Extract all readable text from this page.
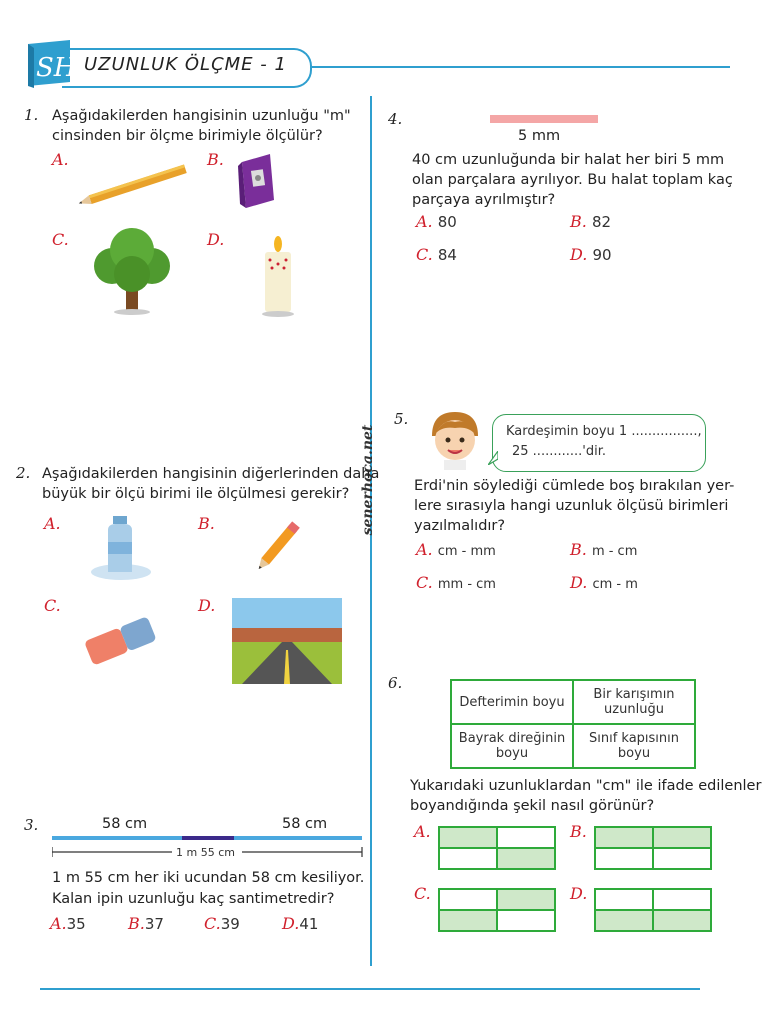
SH UZUNLUK ÖLÇME - 1
senerhoca.net
1. Aşağıdakilerden hangisinin uzunluğu "m"
cinsinden bir ölçme birimiyle ölçülür?
A.	B.
C.	D.
2. Aşağıdakilerden hangisinin diğerlerinden daha
büyük bir ölçü birimi ile ölçülmesi gerekir?
A.	B.
C.	D.
3.	58 cm	58 cm
1 m 55 cm
1 m 55 cm her iki ucundan 58 cm kesiliyor.
Kalan ipin uzunluğu kaç santimetredir?
A.35	B.37	C.39	D.41
4.
5 mm
40 cm uzunluğunda bir halat her biri 5 mm
olan parçalara ayrılıyor. Bu halat toplam kaç
parçaya ayrılmıştır?
A. 80	B. 82
C. 84	D. 90
5.
Kardeşimin boyu 1 ................,
25 ............'dir.
Erdi'nin söylediği cümlede boş bırakılan yer-
lere sırasıyla hangi uzunluk ölçüsü birimleri
yazılmalıdır?
A. cm - mm	B. m - cm
C. mm - cm	D. cm - m
6.
Defterimin boyu	Bir karışımın uzunluğu
Bayrak direğinin boyu	Sınıf kapısının boyu
Yukarıdaki uzunluklardan "cm" ile ifade edilenler
boyandığında şekil nasıl görünür?
A.	B.
C.	D.
